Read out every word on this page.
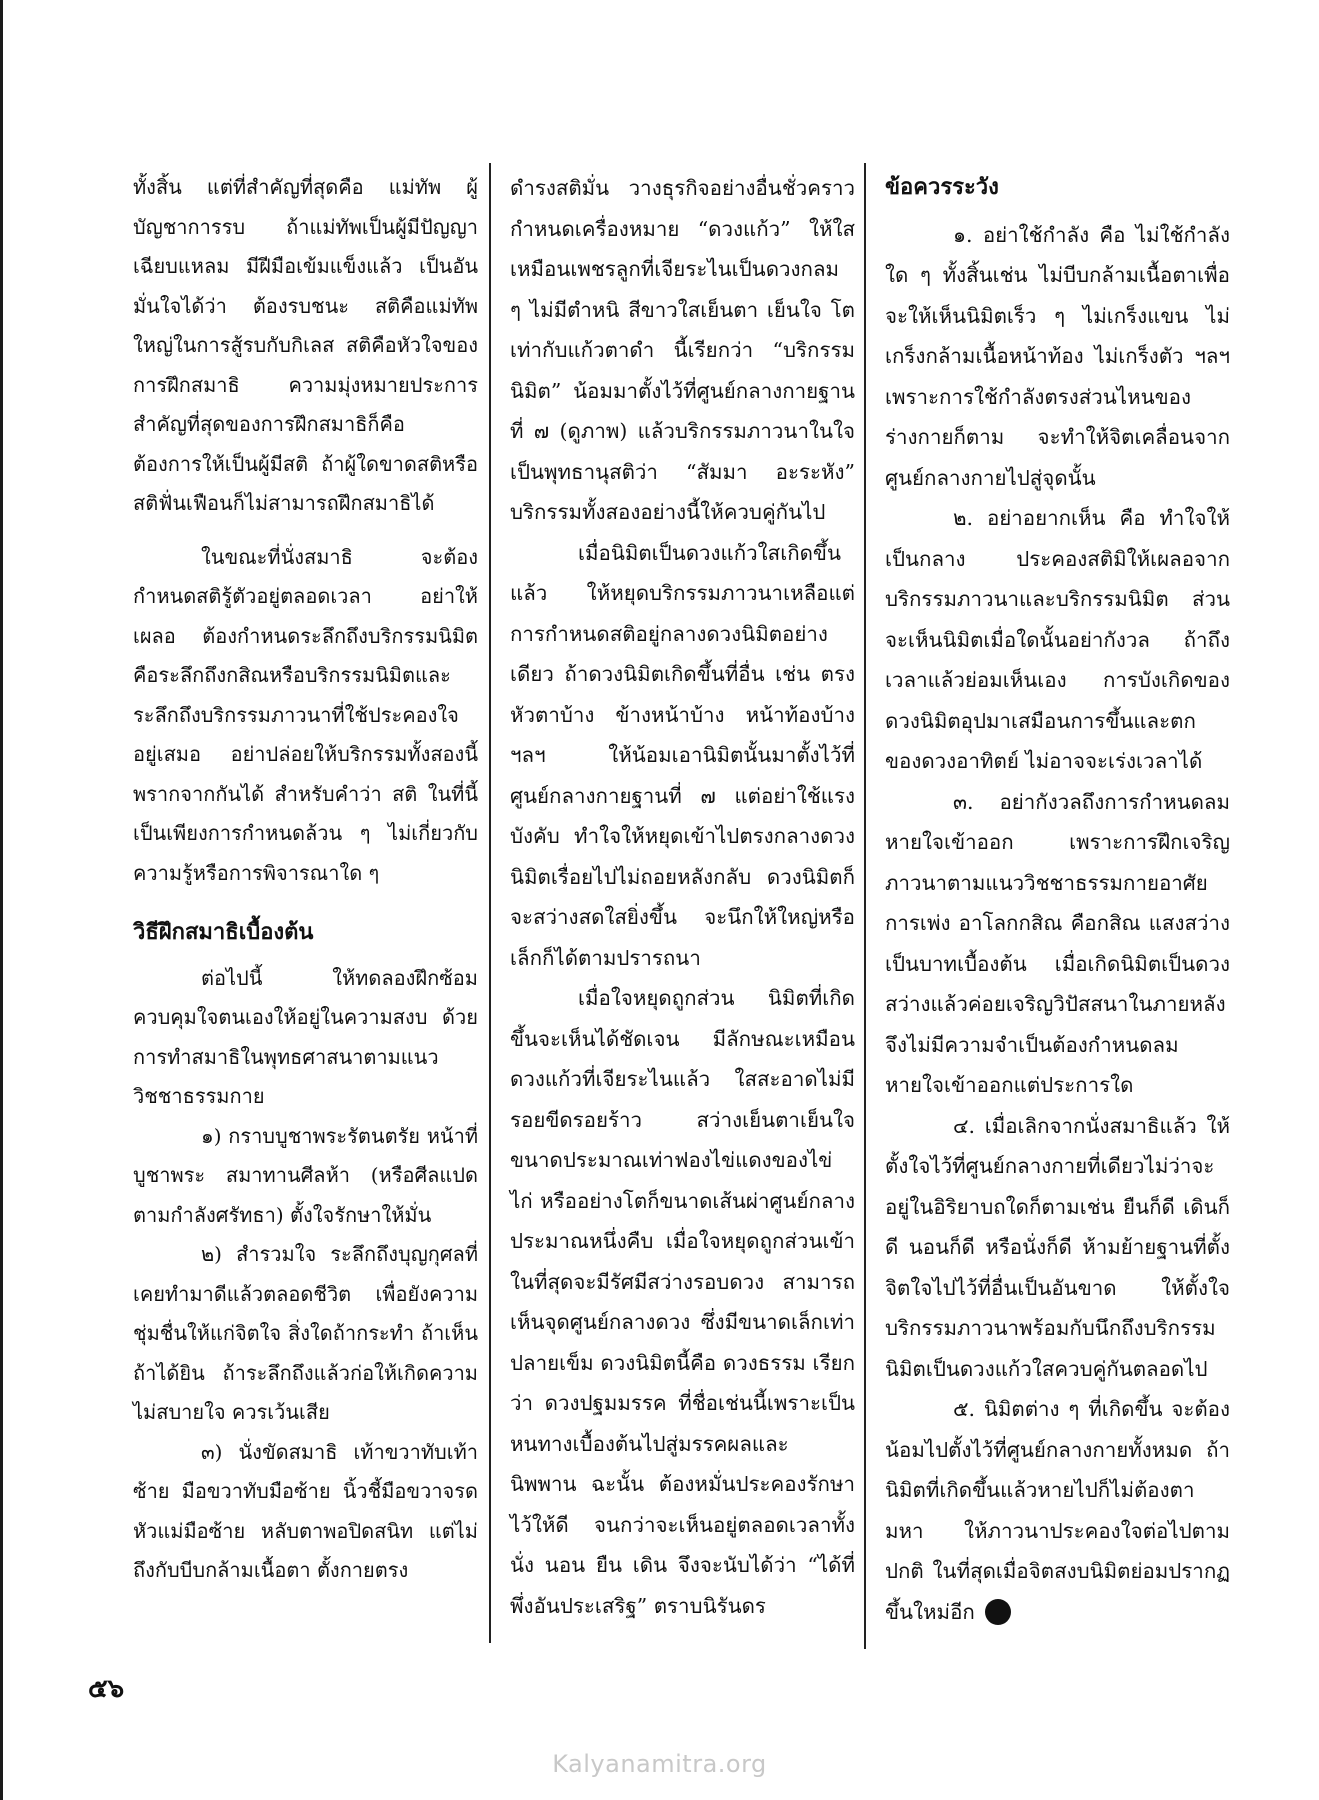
ทั้งสิ้น แต่ที่สำคัญที่สุดคือ แม่ทัพ ผู้บัญชาการรบ ถ้าแม่ทัพเป็นผู้มีปัญญาเฉียบแหลม มีฝีมือเข้มแข็งแล้ว เป็นอันมั่นใจได้ว่า ต้องรบชนะ สติคือแม่ทัพใหญ่ในการสู้รบกับกิเลส สติคือหัวใจของการฝึกสมาธิ ความมุ่งหมายประการสำคัญที่สุดของการฝึกสมาธิก็คือ ต้องการให้เป็นผู้มีสติ ถ้าผู้ใดขาดสติหรือสติฟั่นเฟือนก็ไม่สามารถฝึกสมาธิได้

ในขณะที่นั่งสมาธิ จะต้องกำหนดสติรู้ตัวอยู่ตลอดเวลา อย่าให้เผลอ ต้องกำหนดระลึกถึงบริกรรมนิมิตคือระลึกถึงกสิณหรือบริกรรมนิมิตและระลึกถึงบริกรรมภาวนาที่ใช้ประคองใจอยู่เสมอ อย่าปล่อยให้บริกรรมทั้งสองนี้พรากจากกันได้ สำหรับคำว่า สติ ในที่นี้เป็นเพียงการกำหนดล้วน ๆ ไม่เกี่ยวกับความรู้หรือการพิจารณาใด ๆ

วิธีฝึกสมาธิเบื้องต้น

ต่อไปนี้ ให้ทดลองฝึกซ้อม ควบคุมใจตนเองให้อยู่ในความสงบ ด้วยการทำสมาธิในพุทธศาสนาตามแนววิชชาธรรมกาย

๑) กราบบูชาพระรัตนตรัย หน้าที่บูชาพระ สมาทานศีลห้า (หรือศีลแปดตามกำลังศรัทธา) ตั้งใจรักษาให้มั่น

๒) สำรวมใจ ระลึกถึงบุญกุศลที่เคยทำมาดีแล้วตลอดชีวิต เพื่อยังความชุ่มชื่นให้แก่จิตใจ สิ่งใดถ้ากระทำ ถ้าเห็น ถ้าได้ยิน ถ้าระลึกถึงแล้วก่อให้เกิดความไม่สบายใจ ควรเว้นเสีย

๓) นั่งขัดสมาธิ เท้าขวาทับเท้าซ้าย มือขวาทับมือซ้าย นิ้วชี้มือขวาจรดหัวแม่มือซ้าย หลับตาพอปิดสนิท แต่ไม่ถึงกับบีบกล้ามเนื้อตา ตั้งกายตรง

ดำรงสติมั่น วางธุรกิจอย่างอื่นชั่วคราว กำหนดเครื่องหมาย “ดวงแก้ว” ให้ใสเหมือนเพชรลูกที่เจียระไนเป็นดวงกลม ๆ ไม่มีตำหนิ สีขาวใสเย็นตา เย็นใจ โตเท่ากับแก้วตาดำ นี้เรียกว่า “บริกรรมนิมิต” น้อมมาตั้งไว้ที่ศูนย์กลางกายฐานที่ ๗ (ดูภาพ) แล้วบริกรรมภาวนาในใจเป็นพุทธานุสติว่า “สัมมา อะระหัง” บริกรรมทั้งสองอย่างนี้ให้ควบคู่กันไป

เมื่อนิมิตเป็นดวงแก้วใสเกิดขึ้นแล้ว ให้หยุดบริกรรมภาวนาเหลือแต่การกำหนดสติอยู่กลางดวงนิมิตอย่างเดียว ถ้าดวงนิมิตเกิดขึ้นที่อื่น เช่น ตรงหัวตาบ้าง ข้างหน้าบ้าง หน้าท้องบ้าง ฯลฯ ให้น้อมเอานิมิตนั้นมาตั้งไว้ที่ศูนย์กลางกายฐานที่ ๗ แต่อย่าใช้แรงบังคับ ทำใจให้หยุดเข้าไปตรงกลางดวงนิมิตเรื่อยไปไม่ถอยหลังกลับ ดวงนิมิตก็จะสว่างสดใสยิ่งขึ้น จะนึกให้ใหญ่หรือเล็กก็ได้ตามปรารถนา

เมื่อใจหยุดถูกส่วน นิมิตที่เกิดขึ้นจะเห็นได้ชัดเจน มีลักษณะเหมือนดวงแก้วที่เจียระไนแล้ว ใสสะอาดไม่มีรอยขีดรอยร้าว สว่างเย็นตาเย็นใจ ขนาดประมาณเท่าฟองไข่แดงของไข่ไก่ หรืออย่างโตก็ขนาดเส้นผ่าศูนย์กลางประมาณหนึ่งคืบ เมื่อใจหยุดถูกส่วนเข้า ในที่สุดจะมีรัศมีสว่างรอบดวง สามารถเห็นจุดศูนย์กลางดวง ซึ่งมีขนาดเล็กเท่าปลายเข็ม ดวงนิมิตนี้คือ ดวงธรรม เรียกว่า ดวงปฐมมรรค ที่ชื่อเช่นนี้เพราะเป็นหนทางเบื้องต้นไปสู่มรรคผลและนิพพาน ฉะนั้น ต้องหมั่นประคองรักษาไว้ให้ดี จนกว่าจะเห็นอยู่ตลอดเวลาทั้งนั่ง นอน ยืน เดิน จึงจะนับได้ว่า “ได้ที่พึ่งอันประเสริฐ” ตราบนิรันดร

ข้อควรระวัง

๑. อย่าใช้กำลัง คือ ไม่ใช้กำลังใด ๆ ทั้งสิ้นเช่น ไม่บีบกล้ามเนื้อตาเพื่อจะให้เห็นนิมิตเร็ว ๆ ไม่เกร็งแขน ไม่เกร็งกล้ามเนื้อหน้าท้อง ไม่เกร็งตัว ฯลฯ เพราะการใช้กำลังตรงส่วนไหนของร่างกายก็ตาม จะทำให้จิตเคลื่อนจากศูนย์กลางกายไปสู่จุดนั้น

๒. อย่าอยากเห็น คือ ทำใจให้เป็นกลาง ประคองสติมิให้เผลอจากบริกรรมภาวนาและบริกรรมนิมิต ส่วนจะเห็นนิมิตเมื่อใดนั้นอย่ากังวล ถ้าถึงเวลาแล้วย่อมเห็นเอง การบังเกิดของดวงนิมิตอุปมาเสมือนการขึ้นและตกของดวงอาทิตย์ ไม่อาจจะเร่งเวลาได้

๓. อย่ากังวลถึงการกำหนดลมหายใจเข้าออก เพราะการฝึกเจริญภาวนาตามแนววิชชาธรรมกายอาศัยการเพ่ง อาโลกกสิณ คือกสิณ แสงสว่างเป็นบาทเบื้องต้น เมื่อเกิดนิมิตเป็นดวงสว่างแล้วค่อยเจริญวิปัสสนาในภายหลัง จึงไม่มีความจำเป็นต้องกำหนดลมหายใจเข้าออกแต่ประการใด

๔. เมื่อเลิกจากนั่งสมาธิแล้ว ให้ตั้งใจไว้ที่ศูนย์กลางกายที่เดียวไม่ว่าจะอยู่ในอิริยาบถใดก็ตามเช่น ยืนก็ดี เดินก็ดี นอนก็ดี หรือนั่งก็ดี ห้ามย้ายฐานที่ตั้งจิตใจไปไว้ที่อื่นเป็นอันขาด ให้ตั้งใจบริกรรมภาวนาพร้อมกับนึกถึงบริกรรมนิมิตเป็นดวงแก้วใสควบคู่กันตลอดไป

๕. นิมิตต่าง ๆ ที่เกิดขึ้น จะต้องน้อมไปตั้งไว้ที่ศูนย์กลางกายทั้งหมด ถ้านิมิตที่เกิดขึ้นแล้วหายไปก็ไม่ต้องตามหา ให้ภาวนาประคองใจต่อไปตามปกติ ในที่สุดเมื่อจิตสงบนิมิตย่อมปรากฏขึ้นใหม่อีก

๕๖
Kalyanamitra.org
